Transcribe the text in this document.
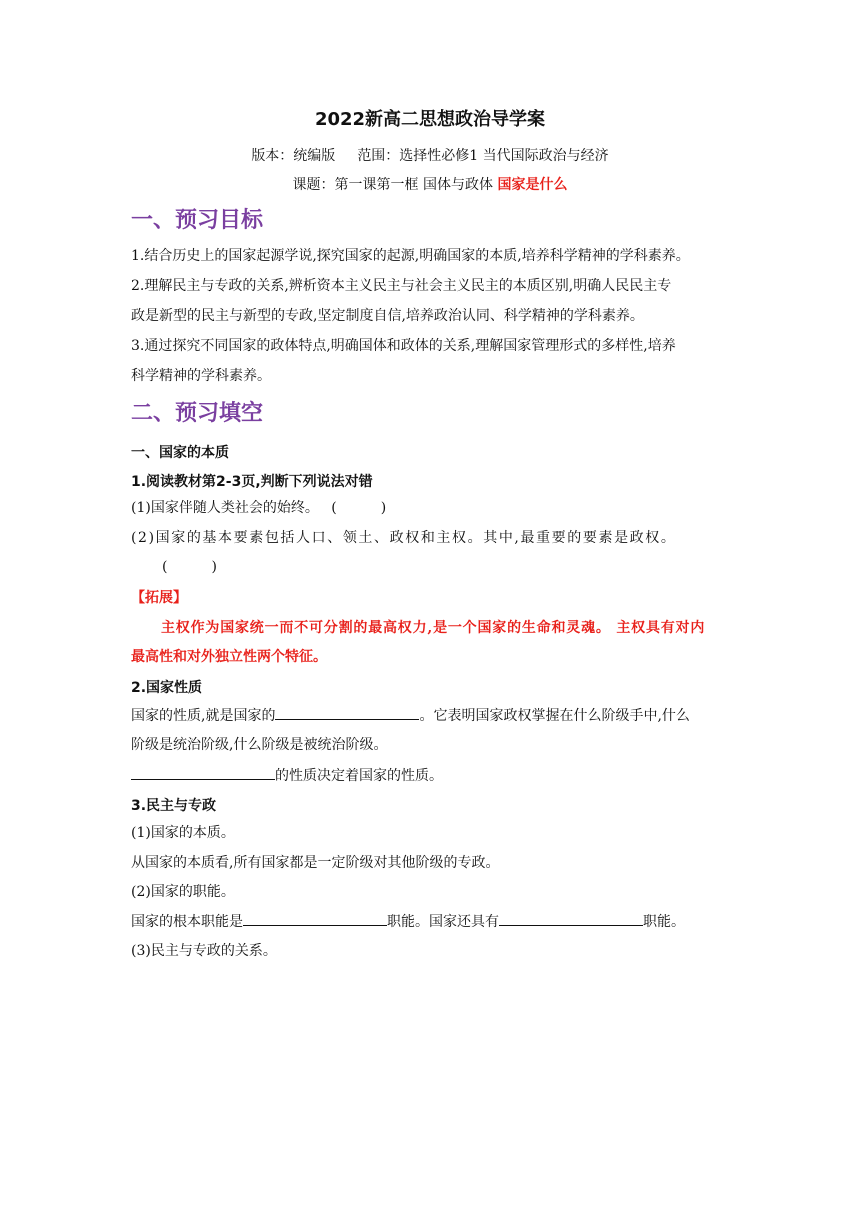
2022新高二思想政治导学案
版本：统编版 范围：选择性必修1 当代国际政治与经济
课题：第一课第一框 国体与政体 国家是什么
一、预习目标
1.结合历史上的国家起源学说,探究国家的起源,明确国家的本质,培养科学精神的学科素养。
2.理解民主与专政的关系,辨析资本主义民主与社会主义民主的本质区别,明确人民民主专
政是新型的民主与新型的专政,坚定制度自信,培养政治认同、科学精神的学科素养。
3.通过探究不同国家的政体特点,明确国体和政体的关系,理解国家管理形式的多样性,培养
科学精神的学科素养。
二、预习填空
一、国家的本质
1.阅读教材第2-3页,判断下列说法对错
(1)国家伴随人类社会的始终。 (	)
(2)国家的基本要素包括人口、领土、政权和主权。其中,最重要的要素是政权。
(	)
【拓展】
主权作为国家统一而不可分割的最高权力,是一个国家的生命和灵魂。 主权具有对内
最高性和对外独立性两个特征。
2.国家性质
国家的性质,就是国家的	。它表明国家政权掌握在什么阶级手中,什么
阶级是统治阶级,什么阶级是被统治阶级。
的性质决定着国家的性质。
3.民主与专政
(1)国家的本质。
从国家的本质看,所有国家都是一定阶级对其他阶级的专政。
(2)国家的职能。
国家的根本职能是	职能。国家还具有	职能。
(3)民主与专政的关系。
